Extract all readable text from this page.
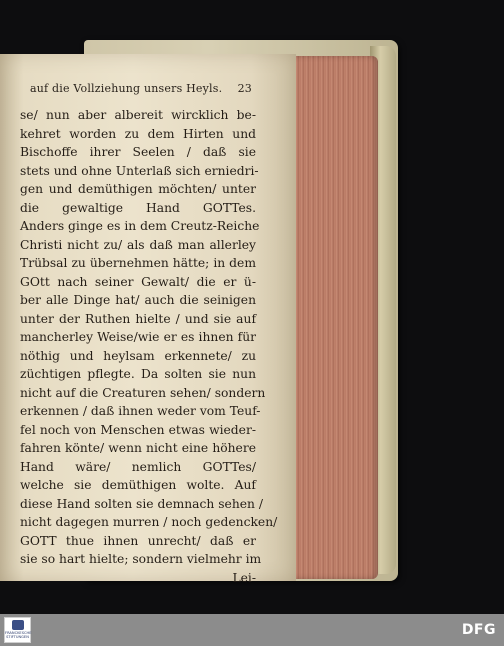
auf die Vollziehung unsers Heyls. 23
se/ nun aber albereit wircklich be-
kehret worden zu dem Hirten und
Bischoffe ihrer Seelen / daß sie
stets und ohne Unterlaß sich erniedri-
gen und demüthigen möchten/ unter
die gewaltige Hand GOTTes.
Anders ginge es in dem Creutz-Reiche
Christi nicht zu/ als daß man allerley
Trübsal zu übernehmen hätte; in dem
GOtt nach seiner Gewalt/ die er ü-
ber alle Dinge hat/ auch die seinigen
unter der Ruthen hielte / und sie auf
mancherley Weise/wie er es ihnen für
nöthig und heylsam erkennete/ zu
züchtigen pflegte. Da solten sie nun
nicht auf die Creaturen sehen/ sondern
erkennen / daß ihnen weder vom Teuf-
fel noch von Menschen etwas wieder-
fahren könte/ wenn nicht eine höhere
Hand wäre/ nemlich GOTTes/
welche sie demüthigen wolte. Auf
diese Hand solten sie demnach sehen /
nicht dagegen murren / noch gedencken/
GOTT thue ihnen unrecht/ daß er
sie so hart hielte; sondern vielmehr im
Lei-
FRANCKESCHE STIFTUNGEN	DFG
